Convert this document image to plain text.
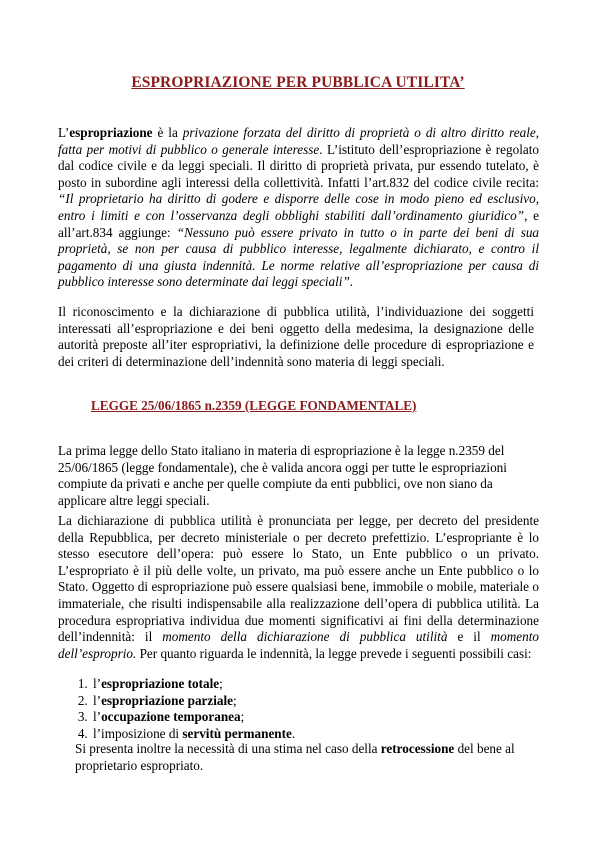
ESPROPRIAZIONE PER PUBBLICA UTILITA’
L’espropriazione è la privazione forzata del diritto di proprietà o di altro diritto reale, fatta per motivi di pubblico o generale interesse. L’istituto dell’espropriazione è regolato dal codice civile e da leggi speciali. Il diritto di proprietà privata, pur essendo tutelato, è posto in subordine agli interessi della collettività. Infatti l’art.832 del codice civile recita: “Il proprietario ha diritto di godere e disporre delle cose in modo pieno ed esclusivo, entro i limiti e con l’osservanza degli obblighi stabiliti dall’ordinamento giuridico”, e all’art.834 aggiunge: “Nessuno può essere privato in tutto o in parte dei beni di sua proprietà, se non per causa di pubblico interesse, legalmente dichiarato, e contro il pagamento di una giusta indennità. Le norme relative all’espropriazione per causa di pubblico interesse sono determinate dai leggi speciali”.
Il riconoscimento e la dichiarazione di pubblica utilità, l’individuazione dei soggetti interessati all’espropriazione e dei beni oggetto della medesima, la designazione delle autorità preposte all’iter espropriativi, la definizione delle procedure di espropriazione e dei criteri di determinazione dell’indennità sono materia di leggi speciali.
LEGGE 25/06/1865 n.2359 (LEGGE FONDAMENTALE)
La prima legge dello Stato italiano in materia di espropriazione è la legge n.2359 del 25/06/1865 (legge fondamentale), che è valida ancora oggi per tutte le espropriazioni compiute da privati e anche per quelle compiute da enti pubblici, ove non siano da applicare altre leggi speciali.
La dichiarazione di pubblica utilità è pronunciata per legge, per decreto del presidente della Repubblica, per decreto ministeriale o per decreto prefettizio. L’espropriante è lo stesso esecutore dell’opera: può essere lo Stato, un Ente pubblico o un privato. L’espropriato è il più delle volte, un privato, ma può essere anche un Ente pubblico o lo Stato. Oggetto di espropriazione può essere qualsiasi bene, immobile o mobile, materiale o immateriale, che risulti indispensabile alla realizzazione dell’opera di pubblica utilità. La procedura espropriativa individua due momenti significativi ai fini della determinazione dell’indennità: il momento della dichiarazione di pubblica utilità e il momento dell’esproprio. Per quanto riguarda le indennità, la legge prevede i seguenti possibili casi:
1. l’espropriazione totale;
2. l’espropriazione parziale;
3. l’occupazione temporanea;
4. l’imposizione di servitù permanente.
Si presenta inoltre la necessità di una stima nel caso della retrocessione del bene al proprietario espropriato.
